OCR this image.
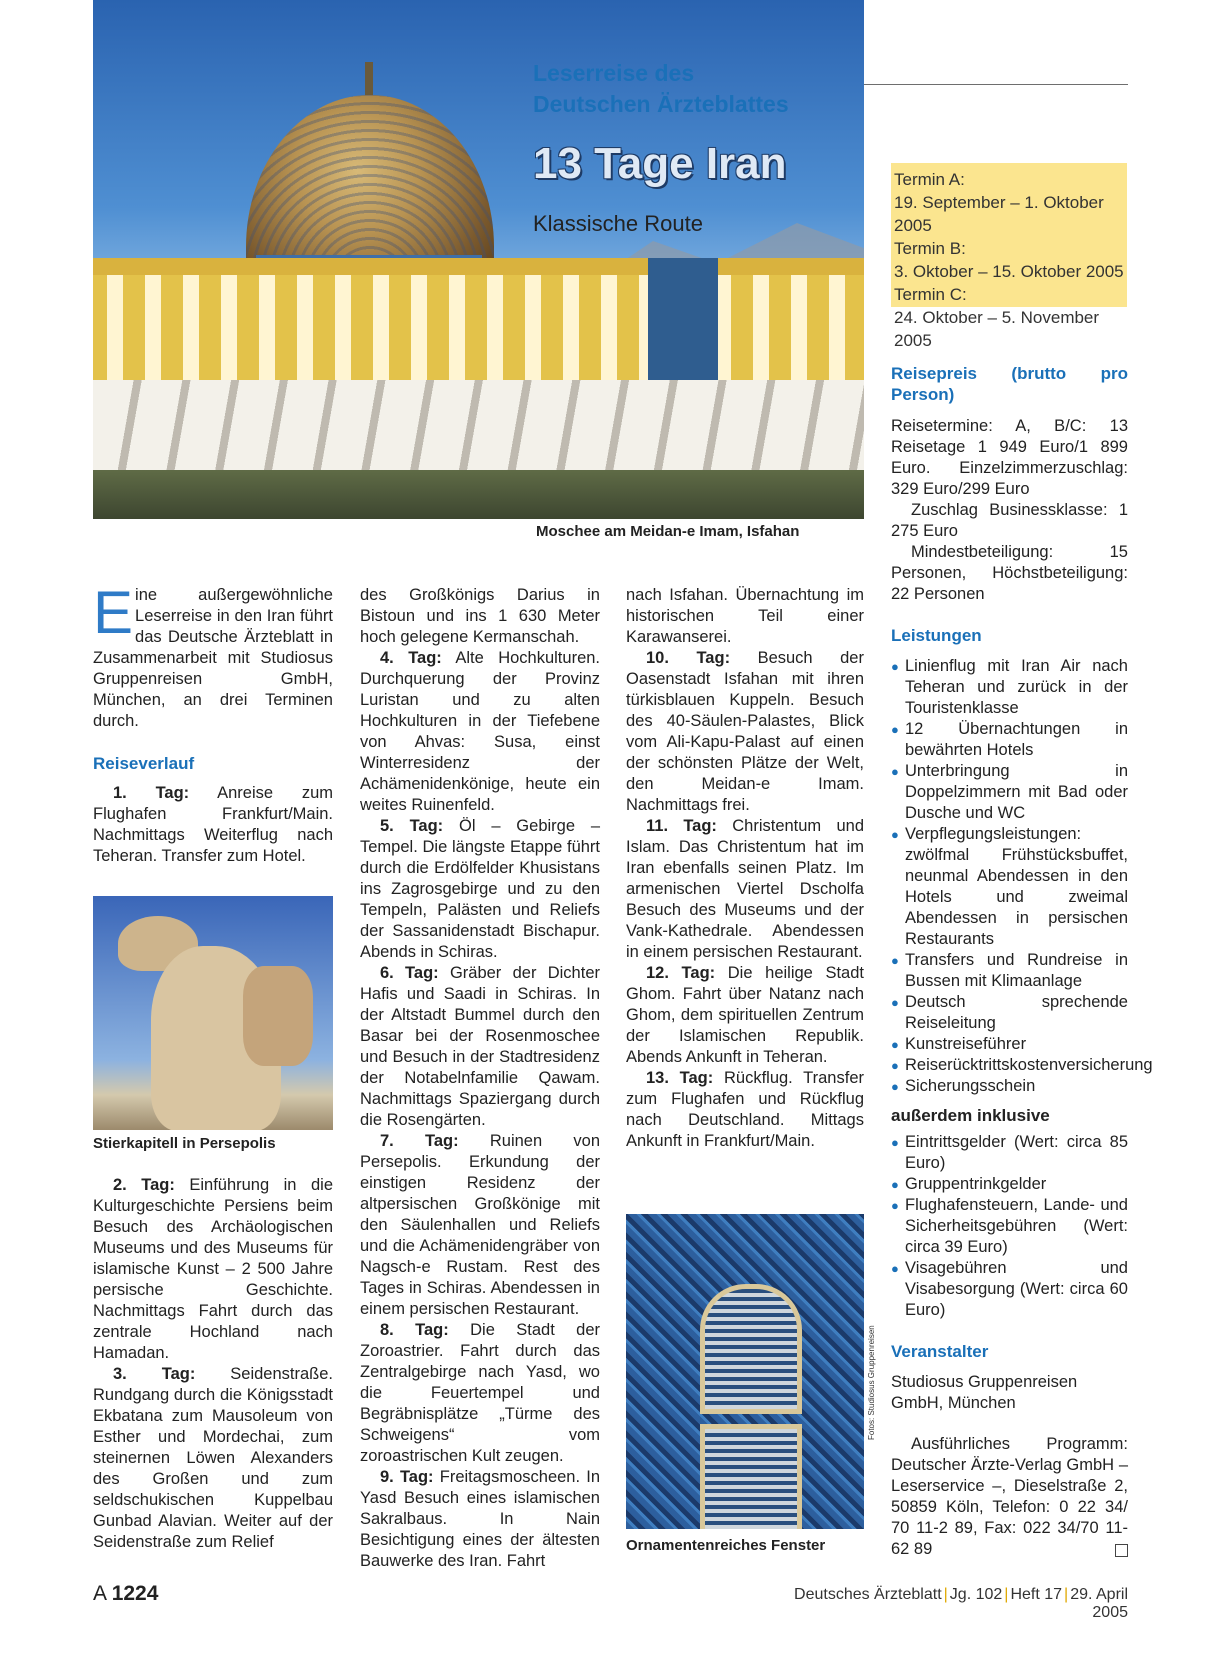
Leserreise des
Deutschen Ärzteblattes
13 Tage Iran
Klassische Route
Termin A:
19. September – 1. Oktober 2005
Termin B:
3. Oktober – 15. Oktober 2005
Termin C:
24. Oktober – 5. November 2005
Moschee am Meidan-e Imam, Isfahan

E ine außergewöhnliche Leserreise in den Iran führt das Deutsche Ärzteblatt in Zusammenarbeit mit Studiosus Gruppenreisen GmbH, München, an drei Terminen durch.

Reiseverlauf

1. Tag: Anreise zum Flughafen Frankfurt/Main. Nachmittags Weiterflug nach Teheran. Transfer zum Hotel.

Stierkapitell in Persepolis

2. Tag: Einführung in die Kulturgeschichte Persiens beim Besuch des Archäologischen Museums und des Museums für islamische Kunst – 2 500 Jahre persische Geschichte. Nachmittags Fahrt durch das zentrale Hochland nach Hamadan.

3. Tag: Seidenstraße. Rundgang durch die Königsstadt Ekbatana zum Mausoleum von Esther und Mordechai, zum steinernen Löwen Alexanders des Großen und zum seldschukischen Kuppelbau Gunbad Alavian. Weiter auf der Seidenstraße zum Relief

des Großkönigs Darius in Bistoun und ins 1 630 Meter hoch gelegene Kermanschah.

4. Tag: Alte Hochkulturen. Durchquerung der Provinz Luristan und zu alten Hochkulturen in der Tiefebene von Ahvas: Susa, einst Winterresidenz der Achämenidenkönige, heute ein weites Ruinenfeld.

5. Tag: Öl – Gebirge – Tempel. Die längste Etappe führt durch die Erdölfelder Khusistans ins Zagrosgebirge und zu den Tempeln, Palästen und Reliefs der Sassanidenstadt Bischapur. Abends in Schiras.

6. Tag: Gräber der Dichter Hafis und Saadi in Schiras. In der Altstadt Bummel durch den Basar bei der Rosenmoschee und Besuch in der Stadtresidenz der Notabelnfamilie Qawam. Nachmittags Spaziergang durch die Rosengärten.

7. Tag: Ruinen von Persepolis. Erkundung der einstigen Residenz der altpersischen Großkönige mit den Säulenhallen und Reliefs und die Achämenidengräber von Nagsch-e Rustam. Rest des Tages in Schiras. Abendessen in einem persischen Restaurant.

8. Tag: Die Stadt der Zoroastrier. Fahrt durch das Zentralgebirge nach Yasd, wo die Feuertempel und Begräbnisplätze „Türme des Schweigens“ vom zoroastrischen Kult zeugen.

9. Tag: Freitagsmoscheen. In Yasd Besuch eines islamischen Sakralbaus. In Nain Besichtigung eines der ältesten Bauwerke des Iran. Fahrt

nach Isfahan. Übernachtung im historischen Teil einer Karawanserei.

10. Tag: Besuch der Oasenstadt Isfahan mit ihren türkisblauen Kuppeln. Besuch des 40-Säulen-Palastes, Blick vom Ali-Kapu-Palast auf einen der schönsten Plätze der Welt, den Meidan-e Imam. Nachmittags frei.

11. Tag: Christentum und Islam. Das Christentum hat im Iran ebenfalls seinen Platz. Im armenischen Viertel Dscholfa Besuch des Museums und der Vank-Kathedrale. Abendessen in einem persischen Restaurant.

12. Tag: Die heilige Stadt Ghom. Fahrt über Natanz nach Ghom, dem spirituellen Zentrum der Islamischen Republik. Abends Ankunft in Teheran.

13. Tag: Rückflug. Transfer zum Flughafen und Rückflug nach Deutschland. Mittags Ankunft in Frankfurt/Main.

Ornamentenreiches Fenster
Fotos: Studiosus Gruppenreisen
Reisepreis (brutto pro Person)

Reisetermine: A, B/C: 13 Reisetage 1 949 Euro/1 899 Euro. Einzelzimmerzuschlag: 329 Euro/299 Euro

Zuschlag Businessklasse: 1 275 Euro

Mindestbeteiligung: 15 Personen, Höchstbeteiligung: 22 Personen

Leistungen
● Linienflug mit Iran Air nach Teheran und zurück in der Touristenklasse
● 12 Übernachtungen in bewährten Hotels
● Unterbringung in Doppelzimmern mit Bad oder Dusche und WC
● Verpflegungsleistungen: zwölfmal Frühstücksbuffet, neunmal Abendessen in den Hotels und zweimal Abendessen in persischen Restaurants
● Transfers und Rundreise in Bussen mit Klimaanlage
● Deutsch sprechende Reiseleitung
● Kunstreiseführer
● Reiserücktrittskostenversicherung
● Sicherungsschein
außerdem inklusive
● Eintrittsgelder (Wert: circa 85 Euro)
● Gruppentrinkgelder
● Flughafensteuern, Lande- und Sicherheitsgebühren (Wert: circa 39 Euro)
● Visagebühren und Visabesorgung (Wert: circa 60 Euro)
Veranstalter

Studiosus Gruppenreisen GmbH, München

Ausführliches Programm: Deutscher Ärzte-Verlag GmbH – Leserservice –, Dieselstraße 2, 50859 Köln, Telefon: 0 22 34/ 70 11-2 89, Fax: 022 34/70 11-62 89

A 1224	Deutsches Ärzteblatt | Jg. 102 | Heft 17 | 29. April 2005
